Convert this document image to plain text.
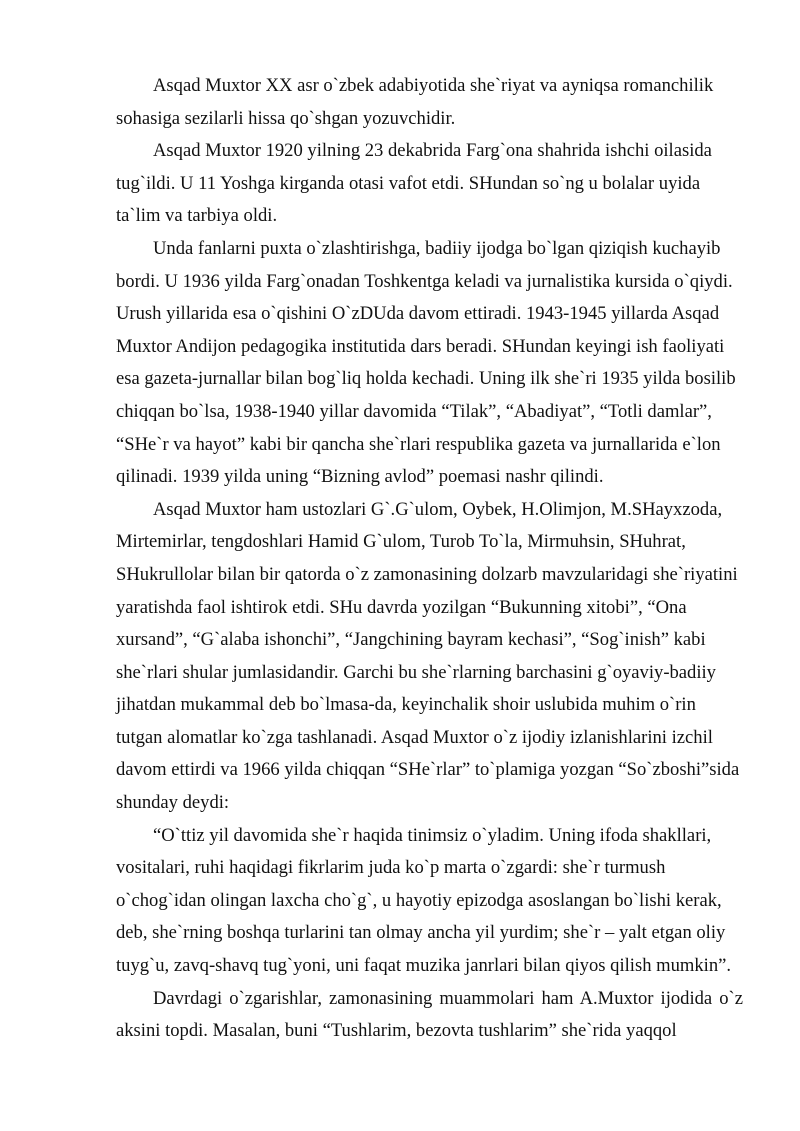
Asqad Muxtor XX asr o`zbek adabiyotida she`riyat va ayniqsa romanchilik sohasiga sezilarli hissa qo`shgan yozuvchidir.

Asqad Muxtor 1920 yilning 23 dekabrida Farg`ona shahrida ishchi oilasida tug`ildi. U 11 Yoshga kirganda otasi vafot etdi. SHundan so`ng u bolalar uyida ta`lim va tarbiya oldi.

Unda fanlarni puxta o`zlashtirishga, badiiy ijodga bo`lgan qiziqish kuchayib bordi. U 1936 yilda Farg`onadan Toshkentga keladi va jurnalistika kursida o`qiydi. Urush yillarida esa o`qishini O`zDUda davom ettiradi. 1943-1945 yillarda Asqad Muxtor Andijon pedagogika institutida dars beradi. SHundan keyingi ish faoliyati esa gazeta-jurnallar bilan bog`liq holda kechadi. Uning ilk she`ri 1935 yilda bosilib chiqqan bo`lsa, 1938-1940 yillar davomida “Tilak”, “Abadiyat”, “Totli damlar”, “SHe`r va hayot” kabi bir qancha she`rlari respublika gazeta va jurnallarida e`lon qilinadi. 1939 yilda uning “Bizning avlod” poemasi nashr qilindi.

Asqad Muxtor ham ustozlari G`.G`ulom, Oybek, H.Olimjon, M.SHayxzoda, Mirtemirlar, tengdoshlari Hamid G`ulom, Turob To`la, Mirmuhsin, SHuhrat, SHukrullolar bilan bir qatorda o`z zamonasining dolzarb mavzularidagi she`riyatini yaratishda faol ishtirok etdi. SHu davrda yozilgan “Bukunning xitobi”, “Ona xursand”, “G`alaba ishonchi”, “Jangchining bayram kechasi”, “Sog`inish” kabi she`rlari shular jumlasidandir. Garchi bu she`rlarning barchasini g`oyaviy-badiiy jihatdan mukammal deb bo`lmasa-da, keyinchalik shoir uslubida muhim o`rin tutgan alomatlar ko`zga tashlanadi. Asqad Muxtor o`z ijodiy izlanishlarini izchil davom ettirdi va 1966 yilda chiqqan “SHe`rlar” to`plamiga yozgan “So`zboshi”sida shunday deydi:

“O`ttiz yil davomida she`r haqida tinimsiz o`yladim. Uning ifoda shakllari, vositalari, ruhi haqidagi fikrlarim juda ko`p marta o`zgardi: she`r turmush o`chog`idan olingan laxcha cho`g`, u hayotiy epizodga asoslangan bo`lishi kerak, deb, she`rning boshqa turlarini tan olmay ancha yil yurdim; she`r – yalt etgan oliy tuyg`u, zavq-shavq tug`yoni, uni faqat muzika janrlari bilan qiyos qilish mumkin”.

Davrdagi o`zgarishlar, zamonasining muammolari ham A.Muxtor ijodida o`z aksini topdi. Masalan, buni “Tushlarim, bezovta tushlarim” she`rida yaqqol
